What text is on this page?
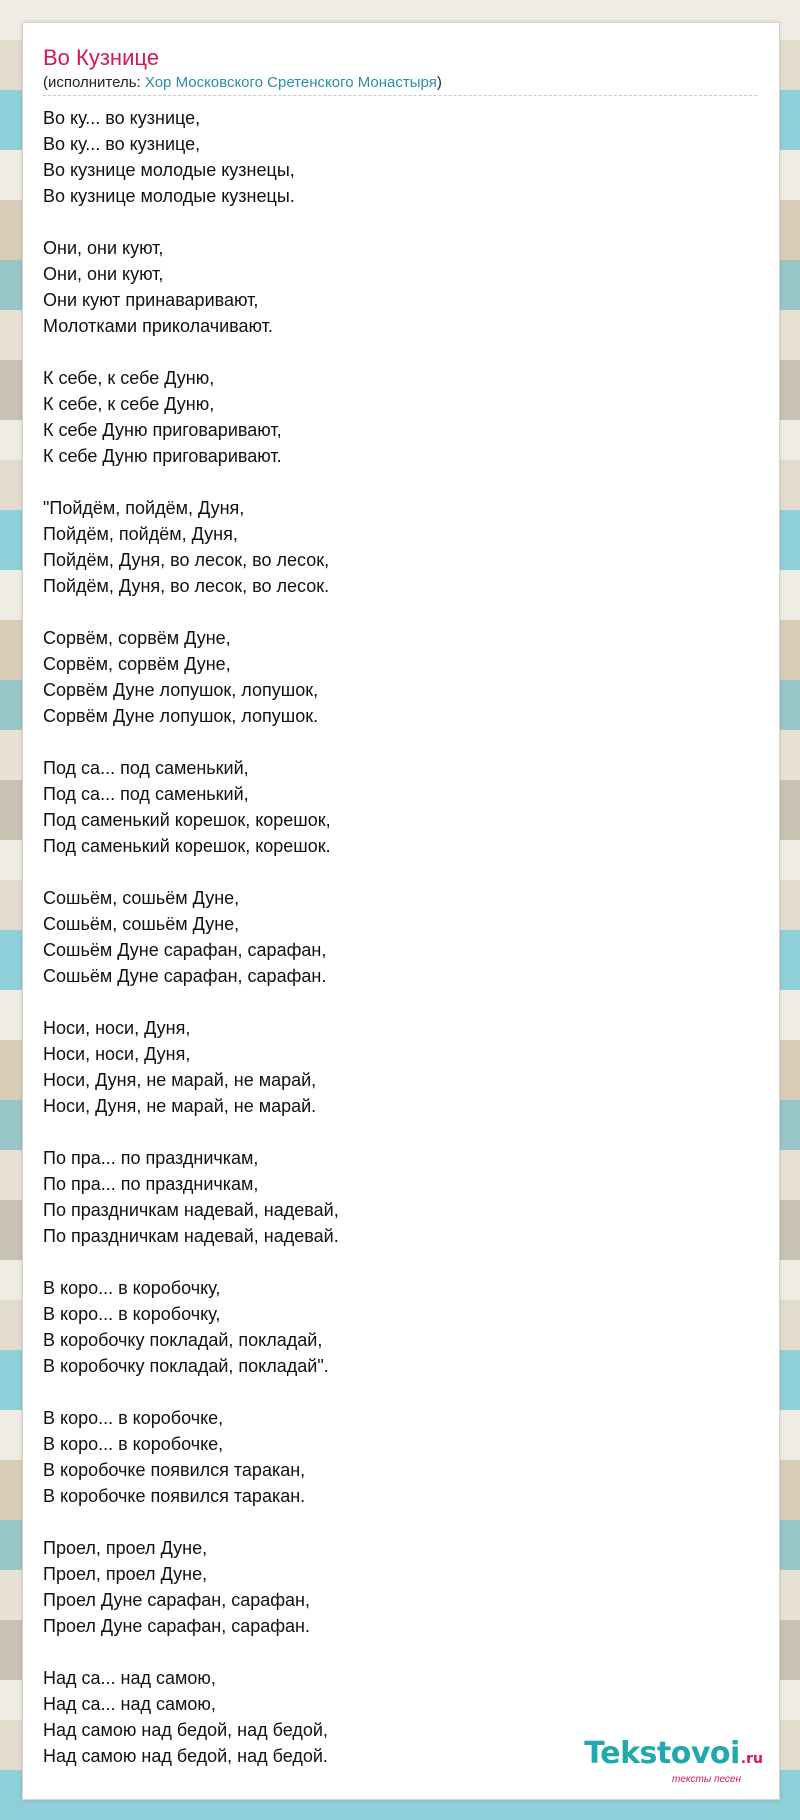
Во Кузнице
(исполнитель: Хор Московского Сретенского Монастыря)
Во ку... во кузнице,
Во ку... во кузнице,
Во кузнице молодые кузнецы,
Во кузнице молодые кузнецы.
Они, они куют,
Они, они куют,
Они куют принаваривают,
Молотками приколачивают.
К себе, к себе Дуню,
К себе, к себе Дуню,
К себе Дуню приговаривают,
К себе Дуню приговаривают.
"Пойдём, пойдём, Дуня,
Пойдём, пойдём, Дуня,
Пойдём, Дуня, во лесок, во лесок,
Пойдём, Дуня, во лесок, во лесок.
Сорвём, сорвём Дуне,
Сорвём, сорвём Дуне,
Сорвём Дуне лопушок, лопушок,
Сорвём Дуне лопушок, лопушок.
Под са... под саменький,
Под са... под саменький,
Под саменький корешок, корешок,
Под саменький корешок, корешок.
Сошьём, сошьём Дуне,
Сошьём, сошьём Дуне,
Сошьём Дуне сарафан, сарафан,
Сошьём Дуне сарафан, сарафан.
Носи, носи, Дуня,
Носи, носи, Дуня,
Носи, Дуня, не марай, не марай,
Носи, Дуня, не марай, не марай.
По пра... по праздничкам,
По пра... по праздничкам,
По праздничкам надевай, надевай,
По праздничкам надевай, надевай.
В коро... в коробочку,
В коро... в коробочку,
В коробочку покладай, покладай,
В коробочку покладай, покладай".
В коро... в коробочке,
В коро... в коробочке,
В коробочке появился таракан,
В коробочке появился таракан.
Проел, проел Дуне,
Проел, проел Дуне,
Проел Дуне сарафан, сарафан,
Проел Дуне сарафан, сарафан.
Над са... над самою,
Над са... над самою,
Над самою над бедой, над бедой,
Над самою над бедой, над бедой.	Tekstovoi.ru
тексты песен
